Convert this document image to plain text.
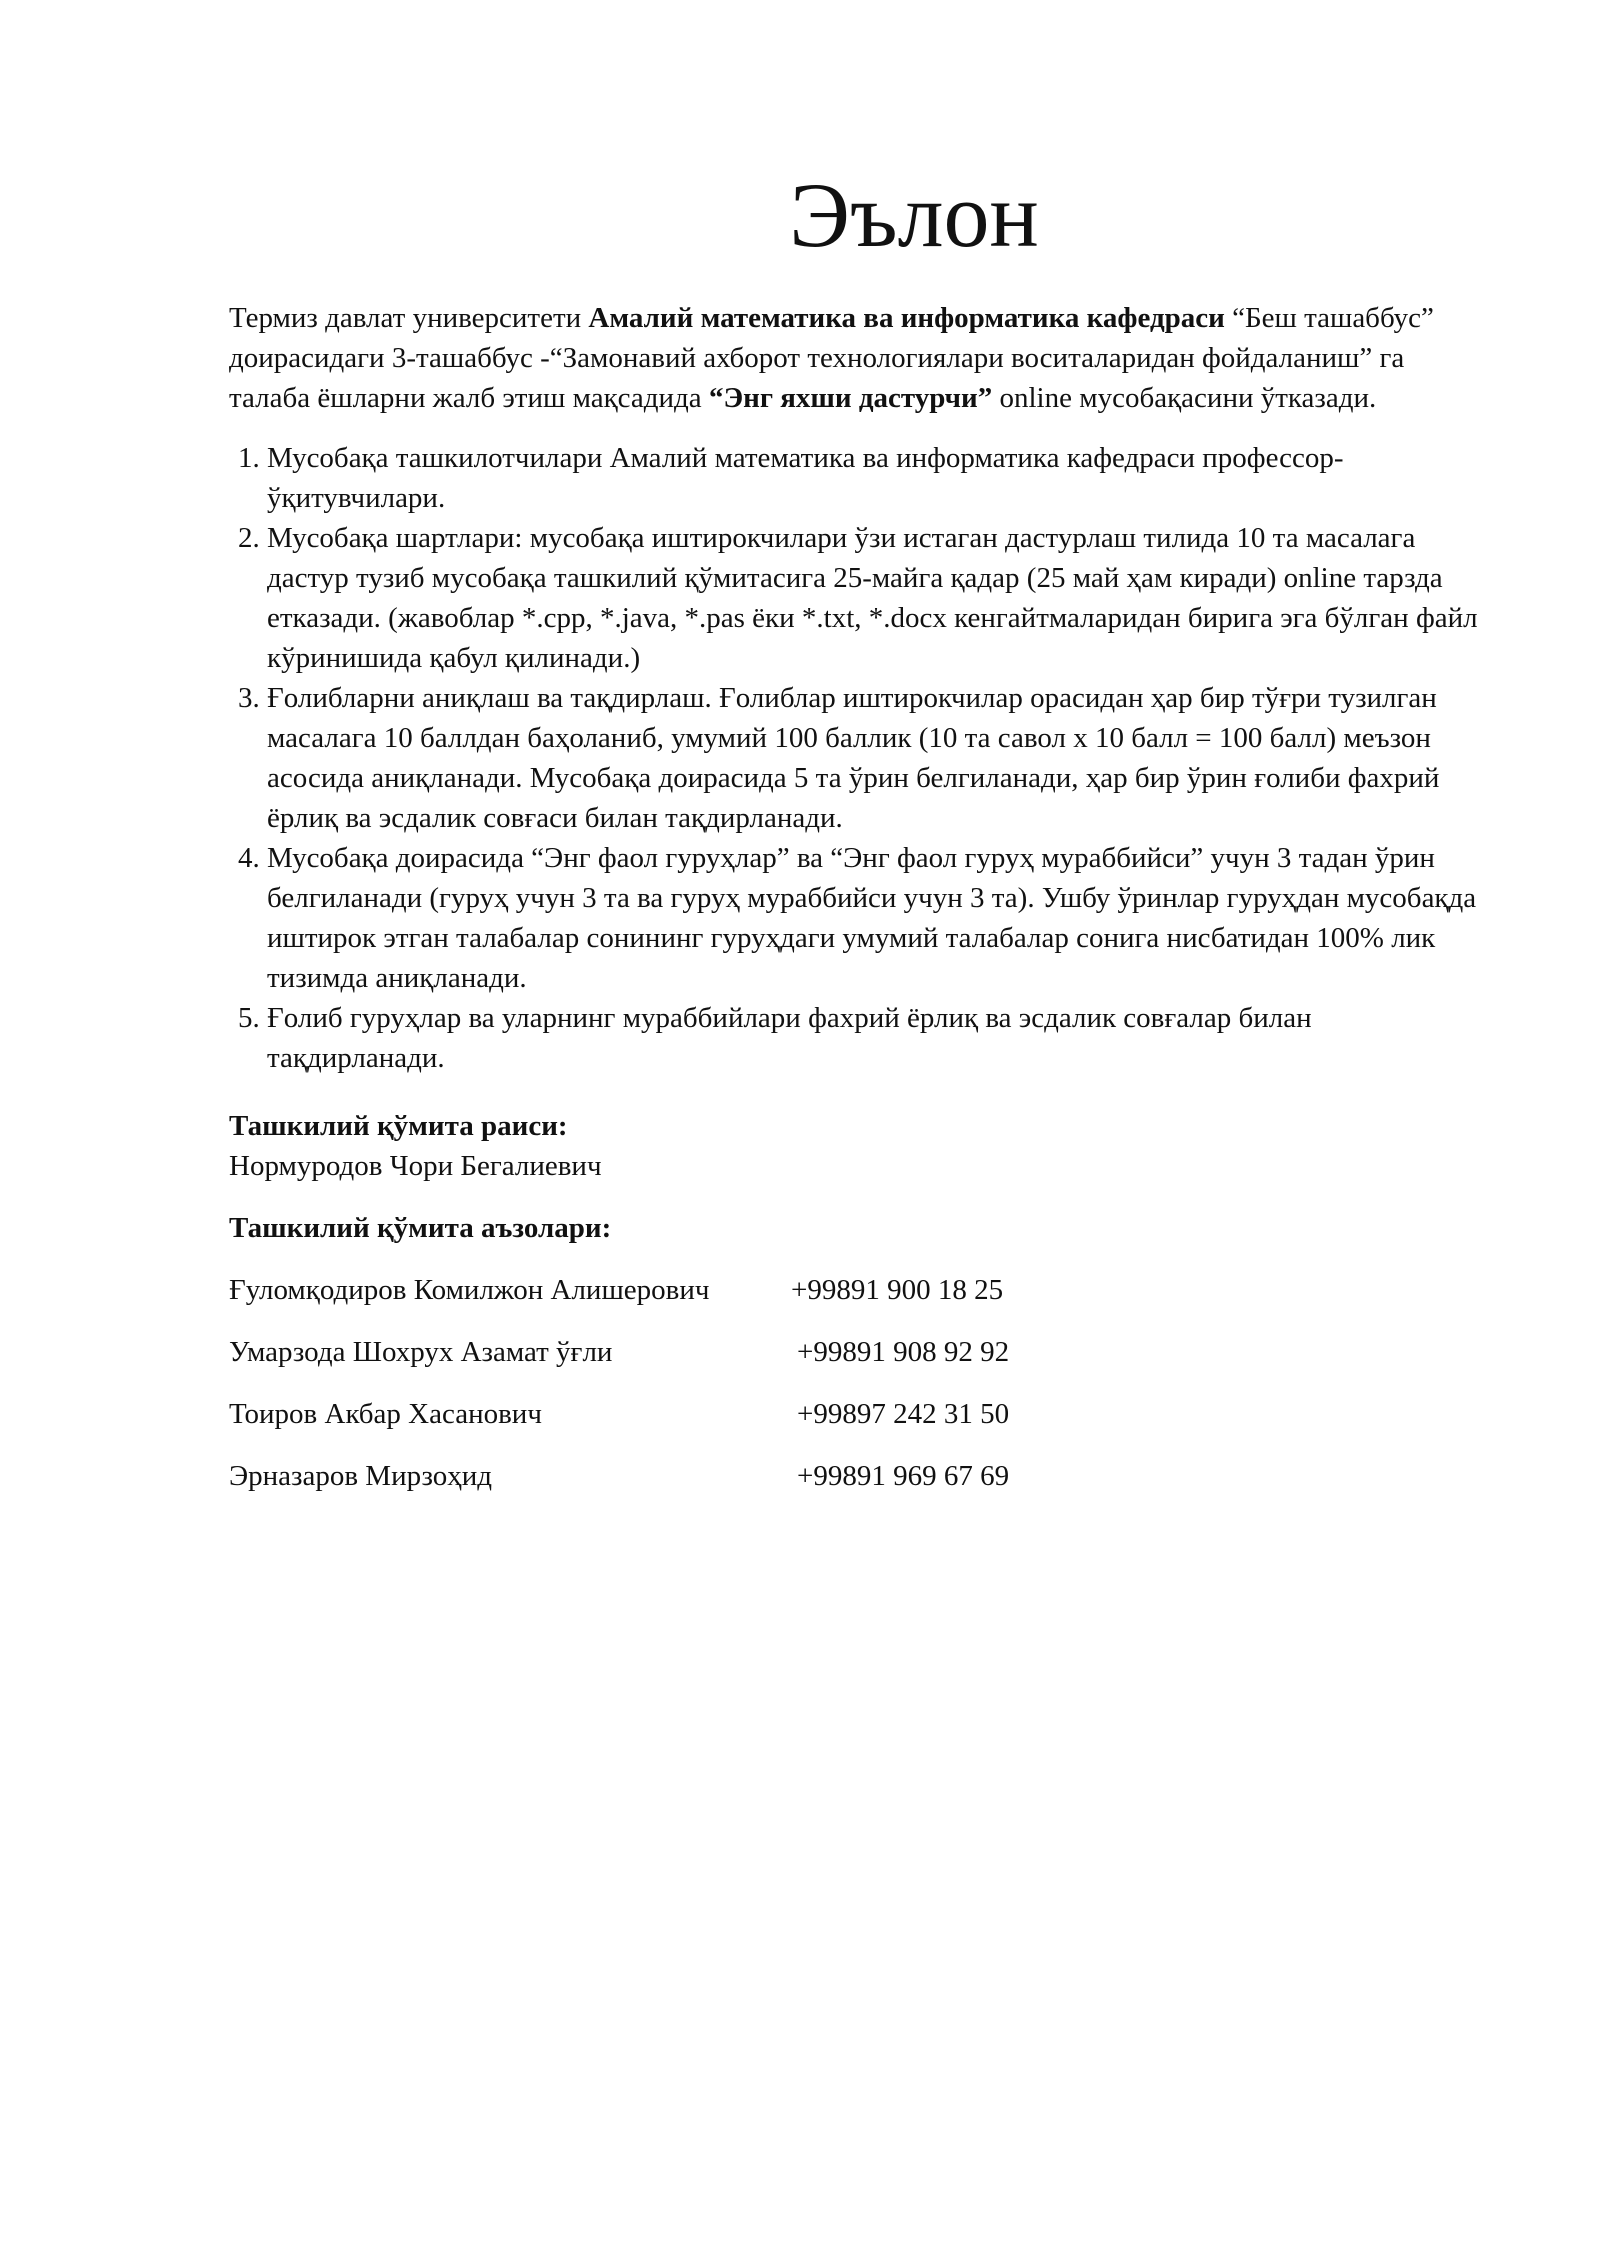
Эълон

Термиз давлат университети Амалий математика ва информатика кафедраси “Беш ташаббус” доирасидаги 3-ташаббус -“Замонавий ахборот технологиялари воситаларидан фойдаланиш” га талаба ёшларни жалб этиш мақсадида “Энг яхши дастурчи” online мусобақасини ўтказади.

1. Мусобақа ташкилотчилари Амалий математика ва информатика кафедраси профессор-ўқитувчилари.
2. Мусобақа шартлари: мусобақа иштирокчилари ўзи истаган дастурлаш тилида 10 та масалага дастур тузиб мусобақа ташкилий қўмитасига 25-майга қадар (25 май ҳам киради) online тарзда етказади. (жавоблар *.cpp, *.java, *.pas ёки *.txt, *.docx кенгайтмаларидан бирига эга бўлган файл кўринишида қабул қилинади.)
3. Ғолибларни аниқлаш ва тақдирлаш. Ғолиблар иштирокчилар орасидан ҳар бир тўғри тузилган масалага 10 баллдан баҳоланиб, умумий 100 баллик (10 та савол х 10 балл = 100 балл) меъзон асосида аниқланади. Мусобақа доирасида 5 та ўрин белгиланади, ҳар бир ўрин ғолиби фахрий ёрлиқ ва эсдалик совғаси билан тақдирланади.
4. Мусобақа доирасида “Энг фаол гуруҳлар” ва “Энг фаол гуруҳ мураббийси” учун 3 тадан ўрин белгиланади (гуруҳ учун 3 та ва гуруҳ мураббийси учун 3 та). Ушбу ўринлар гуруҳдан мусобақда иштирок этган талабалар сонининг гуруҳдаги умумий талабалар сонига нисбатидан 100% лик тизимда аниқланади.
5. Ғолиб гуруҳлар ва уларнинг мураббийлари фахрий ёрлиқ ва эсдалик совғалар билан тақдирланади.

Ташкилий қўмита раиси:

Нормуродов Чори Бегалиевич

Ташкилий қўмита аъзолари:

Ғуломқодиров Комилжон Алишерович	+99891 900 18 25
Умарзода Шохрух Азамат ўғли	+99891 908 92 92
Тоиров Акбар Хасанович	+99897 242 31 50
Эрназаров Мирзоҳид	+99891 969 67 69
